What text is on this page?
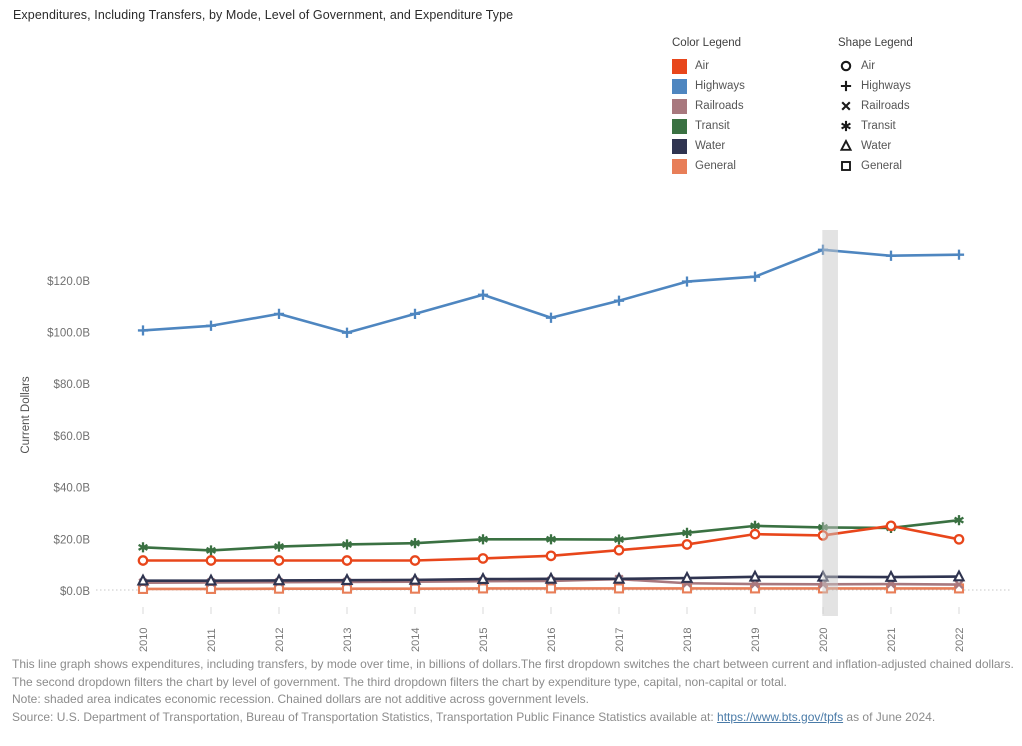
Expenditures, Including Transfers, by Mode, Level of Government, and Expenditure Type
Color Legend
Air
Highways
Railroads
Transit
Water
General
Shape Legend
Air
Highways
Railroads
Transit
Water
General
$0.0B
$20.0B
$40.0B
$60.0B
$80.0B
$100.0B
$120.0B
Current Dollars
2010	2011	2012	2013	2014	2015	2016	2017	2018	2019	2020	2021	2022

This line graph shows expenditures, including transfers, by mode over time, in billions of dollars.The first dropdown switches the chart between current and inflation-adjusted chained dollars. The second dropdown filters the chart by level of government. The third dropdown filters the chart by expenditure type, capital, non-capital or total.

Note: shaded area indicates economic recession. Chained dollars are not additive across government levels.

Source: U.S. Department of Transportation, Bureau of Transportation Statistics, Transportation Public Finance Statistics available at: https://www.bts.gov/tpfs as of June 2024.
